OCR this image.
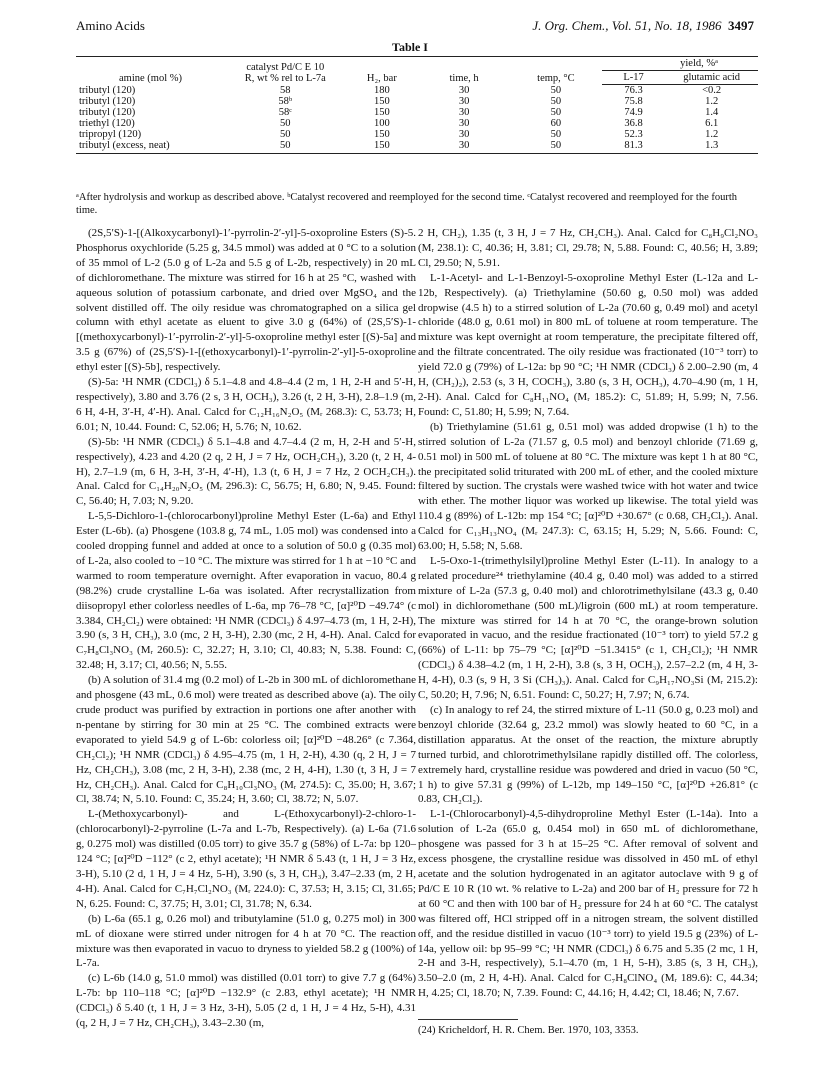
Amino Acids	J. Org. Chem., Vol. 51, No. 18, 1986 3497
Table I
amine (mol %)	catalyst Pd/C E 10
R, wt % rel to L-7a	H₂, bar	time, h	temp, °C	yield, %ᵃ	
					L-17	glutamic acid
tributyl (120)	58	180	30	50	76.3	<0.2
tributyl (120)	58ᵇ	150	30	50	75.8	1.2
tributyl (120)	58ᶜ	150	30	50	74.9	1.4
triethyl (120)	50	100	30	60	36.8	6.1
tripropyl (120)	50	150	30	50	52.3	1.2
tributyl (excess, neat)	50	150	30	50	81.3	1.3
ᵃAfter hydrolysis and workup as described above. ᵇCatalyst recovered and reemployed for the second time. ᶜCatalyst recovered and reemployed for the fourth time.

(2S,5′S)-1-[(Alkoxycarbonyl)-1′-pyrrolin-2′-yl]-5-oxoproline Esters (S)-5. Phosphorus oxychloride (5.25 g, 34.5 mmol) was added at 0 °C to a solution of 35 mmol of L-2 (5.0 g of L-2a and 5.5 g of L-2b, respectively) in 20 mL of dichloromethane. The mixture was stirred for 16 h at 25 °C, washed with aqueous solution of potassium carbonate, and dried over MgSO₄ and the solvent distilled off. The oily residue was chromatographed on a silica gel column with ethyl acetate as eluent to give 3.0 g (64%) of (2S,5′S)-1-[(methoxycarbonyl)-1′-pyrrolin-2′-yl]-5-oxoproline methyl ester [(S)-5a] and 3.5 g (67%) of (2S,5′S)-1-[(ethoxycarbonyl)-1′-pyrrolin-2′-yl]-5-oxoproline ethyl ester [(S)-5b], respectively.

(S)-5a: ¹H NMR (CDCl₃) δ 5.1–4.8 and 4.8–4.4 (2 m, 1 H, 2-H and 5′-H, respectively), 3.80 and 3.76 (2 s, 3 H, OCH₃), 3.26 (t, 2 H, 3-H), 2.8–1.9 (m, 6 H, 4-H, 3′-H, 4′-H). Anal. Calcd for C₁₂H₁₆N₂O₅ (Mᵣ 268.3): C, 53.73; H, 6.01; N, 10.44. Found: C, 52.06; H, 5.76; N, 10.62.

(S)-5b: ¹H NMR (CDCl₃) δ 5.1–4.8 and 4.7–4.4 (2 m, H, 2-H and 5′-H, respectively), 4.23 and 4.20 (2 q, 2 H, J = 7 Hz, OCH₂CH₃), 3.20 (t, 2 H, 4-H), 2.7–1.9 (m, 6 H, 3-H, 3′-H, 4′-H), 1.3 (t, 6 H, J = 7 Hz, 2 OCH₂CH₃). Anal. Calcd for C₁₄H₂₀N₂O₅ (Mᵣ 296.3): C, 56.75; H, 6.80; N, 9.45. Found: C, 56.40; H, 7.03; N, 9.20.

L-5,5-Dichloro-1-(chlorocarbonyl)proline Methyl Ester (L-6a) and Ethyl Ester (L-6b). (a) Phosgene (103.8 g, 74 mL, 1.05 mol) was condensed into a cooled dropping funnel and added at once to a solution of 50.0 g (0.35 mol) of L-2a, also cooled to −10 °C. The mixture was stirred for 1 h at −10 °C and warmed to room temperature overnight. After evaporation in vacuo, 80.4 g (98.2%) crude crystalline L-6a was isolated. After recrystallization from diisopropyl ether colorless needles of L-6a, mp 76–78 °C, [α]²⁰D −49.74° (c 3.384, CH₂Cl₂) were obtained: ¹H NMR (CDCl₃) δ 4.97–4.73 (m, 1 H, 2-H), 3.90 (s, 3 H, CH₃), 3.0 (mc, 2 H, 3-H), 2.30 (mc, 2 H, 4-H). Anal. Calcd for C₇H₈Cl₃NO₃ (Mᵣ 260.5): C, 32.27; H, 3.10; Cl, 40.83; N, 5.38. Found: C, 32.48; H, 3.17; Cl, 40.56; N, 5.55.

(b) A solution of 31.4 mg (0.2 mol) of L-2b in 300 mL of dichloromethane and phosgene (43 mL, 0.6 mol) were treated as described above (a). The oily crude product was purified by extraction in portions one after another with n-pentane by stirring for 30 min at 25 °C. The combined extracts were evaporated to yield 54.9 g of L-6b: colorless oil; [α]²⁰D −48.26° (c 7.364, CH₂Cl₂); ¹H NMR (CDCl₃) δ 4.95–4.75 (m, 1 H, 2-H), 4.30 (q, 2 H, J = 7 Hz, CH₂CH₃), 3.08 (mc, 2 H, 3-H), 2.38 (mc, 2 H, 4-H), 1.30 (t, 3 H, J = 7 Hz, CH₂CH₃). Anal. Calcd for C₈H₁₀Cl₃NO₃ (Mᵣ 274.5): C, 35.00; H, 3.67; Cl, 38.74; N, 5.10. Found: C, 35.24; H, 3.60; Cl, 38.72; N, 5.07.

L-(Methoxycarbonyl)- and L-(Ethoxycarbonyl)-2-chloro-1-(chlorocarbonyl)-2-pyrroline (L-7a and L-7b, Respectively). (a) L-6a (71.6 g, 0.275 mol) was distilled (0.05 torr) to give 35.7 g (58%) of L-7a: bp 120–124 °C; [α]²⁰D −112° (c 2, ethyl acetate); ¹H NMR δ 5.43 (t, 1 H, J = 3 Hz, 3-H), 5.10 (2 d, 1 H, J = 4 Hz, 5-H), 3.90 (s, 3 H, CH₃), 3.47–2.33 (m, 2 H, 4-H). Anal. Calcd for C₇H₇Cl₂NO₃ (Mᵣ 224.0): C, 37.53; H, 3.15; Cl, 31.65; N, 6.25. Found: C, 37.75; H, 3.01; Cl, 31.78; N, 6.34.

(b) L-6a (65.1 g, 0.26 mol) and tributylamine (51.0 g, 0.275 mol) in 300 mL of dioxane were stirred under nitrogen for 4 h at 70 °C. The reaction mixture was then evaporated in vacuo to dryness to yielded 58.2 g (100%) of L-7a.

(c) L-6b (14.0 g, 51.0 mmol) was distilled (0.01 torr) to give 7.7 g (64%) L-7b: bp 110–118 °C; [α]²⁰D −132.9° (c 2.83, ethyl acetate); ¹H NMR (CDCl₃) δ 5.40 (t, 1 H, J = 3 Hz, 3-H), 5.05 (2 d, 1 H, J = 4 Hz, 5-H), 4.31 (q, 2 H, J = 7 Hz, CH₂CH₃), 3.43–2.30 (m,

2 H, CH₂), 1.35 (t, 3 H, J = 7 Hz, CH₂CH₃). Anal. Calcd for C₈H₉Cl₂NO₃ (Mᵣ 238.1): C, 40.36; H, 3.81; Cl, 29.78; N, 5.88. Found: C, 40.56; H, 3.89; Cl, 29.50; N, 5.91.

L-1-Acetyl- and L-1-Benzoyl-5-oxoproline Methyl Ester (L-12a and L-12b, Respectively). (a) Triethylamine (50.60 g, 0.50 mol) was added dropwise (4.5 h) to a stirred solution of L-2a (70.60 g, 0.49 mol) and acetyl chloride (48.0 g, 0.61 mol) in 800 mL of toluene at room temperature. The mixture was kept overnight at room temperature, the precipitate filtered off, and the filtrate concentrated. The oily residue was fractionated (10⁻³ torr) to yield 72.0 g (79%) of L-12a: bp 90 °C; ¹H NMR (CDCl₃) δ 2.00–2.90 (m, 4 H, (CH₂)₂), 2.53 (s, 3 H, COCH₃), 3.80 (s, 3 H, OCH₃), 4.70–4.90 (m, 1 H, 2-H). Anal. Calcd for C₈H₁₁NO₄ (Mᵣ 185.2): C, 51.89; H, 5.99; N, 7.56. Found: C, 51.80; H, 5.99; N, 7.64.

(b) Triethylamine (51.61 g, 0.51 mol) was added dropwise (1 h) to the stirred solution of L-2a (71.57 g, 0.5 mol) and benzoyl chloride (71.69 g, 0.51 mol) in 500 mL of toluene at 80 °C. The mixture was kept 1 h at 80 °C, the precipitated solid triturated with 200 mL of ether, and the cooled mixture filtered by suction. The crystals were washed twice with hot water and twice with ether. The mother liquor was worked up likewise. The total yield was 110.4 g (89%) of L-12b: mp 154 °C; [α]²⁰D +30.67° (c 0.68, CH₂Cl₂). Anal. Calcd for C₁₃H₁₃NO₄ (Mᵣ 247.3): C, 63.15; H, 5.29; N, 5.66. Found: C, 63.00; H, 5.58; N, 5.68.

L-5-Oxo-1-(trimethylsilyl)proline Methyl Ester (L-11). In analogy to a related procedure²⁴ triethylamine (40.4 g, 0.40 mol) was added to a stirred mixture of L-2a (57.3 g, 0.40 mol) and chlorotrimethylsilane (43.3 g, 0.40 mol) in dichloromethane (500 mL)/ligroin (600 mL) at room temperature. The mixture was stirred for 14 h at 70 °C, the orange-brown solution evaporated in vacuo, and the residue fractionated (10⁻³ torr) to yield 57.2 g (66%) of L-11: bp 75–79 °C; [α]²⁰D −51.3415° (c 1, CH₂Cl₂); ¹H NMR (CDCl₃) δ 4.38–4.2 (m, 1 H, 2-H), 3.8 (s, 3 H, OCH₃), 2.57–2.2 (m, 4 H, 3-H, 4-H), 0.3 (s, 9 H, 3 Si (CH₃)₃). Anal. Calcd for C₉H₁₇NO₃Si (Mᵣ 215.2): C, 50.20; H, 7.96; N, 6.51. Found: C, 50.27; H, 7.97; N, 6.74.

(c) In analogy to ref 24, the stirred mixture of L-11 (50.0 g, 0.23 mol) and benzoyl chloride (32.64 g, 23.2 mmol) was slowly heated to 60 °C, in a distillation apparatus. At the onset of the reaction, the mixture abruptly turned turbid, and chlorotrimethylsilane rapidly distilled off. The colorless, extremely hard, crystalline residue was powdered and dried in vacuo (50 °C, 1 h) to give 57.31 g (99%) of L-12b, mp 149–150 °C, [α]²⁰D +26.81° (c 0.83, CH₂Cl₂).

L-1-(Chlorocarbonyl)-4,5-dihydroproline Methyl Ester (L-14a). Into a solution of L-2a (65.0 g, 0.454 mol) in 650 mL of dichloromethane, phosgene was passed for 3 h at 15–25 °C. After removal of solvent and excess phosgene, the crystalline residue was dissolved in 450 mL of ethyl acetate and the solution hydrogenated in an agitator autoclave with 9 g of Pd/C E 10 R (10 wt. % relative to L-2a) and 200 bar of H₂ pressure for 72 h at 60 °C and then with 100 bar of H₂ pressure for 24 h at 60 °C. The catalyst was filtered off, HCl stripped off in a nitrogen stream, the solvent distilled off, and the residue distilled in vacuo (10⁻³ torr) to yield 19.5 g (23%) of L-14a, yellow oil: bp 95–99 °C; ¹H NMR (CDCl₃) δ 6.75 and 5.35 (2 mc, 1 H, 2-H and 3-H, respectively), 5.1–4.70 (m, 1 H, 5-H), 3.85 (s, 3 H, CH₃), 3.50–2.0 (m, 2 H, 4-H). Anal. Calcd for C₇H₈ClNO₄ (Mᵣ 189.6): C, 44.34; H, 4.25; Cl, 18.70; N, 7.39. Found: C, 44.16; H, 4.42; Cl, 18.46; N, 7.67.

(24) Kricheldorf, H. R. Chem. Ber. 1970, 103, 3353.
